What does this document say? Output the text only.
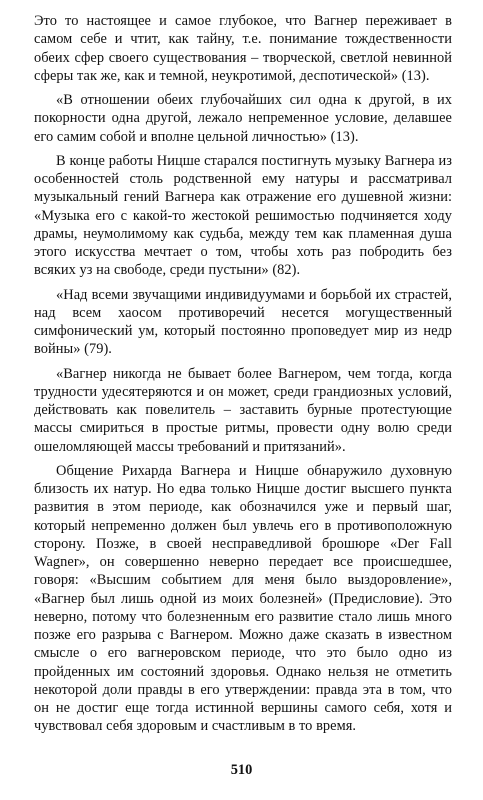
Это то настоящее и самое глубокое, что Вагнер переживает в самом себе и чтит, как тайну, т.е. понимание тождественности обеих сфер своего существования – творческой, светлой невинной сферы так же, как и темной, неукротимой, деспотической» (13).

«В отношении обеих глубочайших сил одна к другой, в их покорности одна другой, лежало непременное условие, делавшее его самим собой и вполне цельной личностью» (13).

В конце работы Ницше старался постигнуть музыку Вагнера из особенностей столь родственной ему натуры и рассматривал музыкальный гений Вагнера как отражение его душевной жизни: «Музыка его с какой-то жестокой решимостью подчиняется ходу драмы, неумолимому как судьба, между тем как пламенная душа этого искусства мечтает о том, чтобы хоть раз побродить без всяких уз на свободе, среди пустыни» (82).

«Над всеми звучащими индивидуумами и борьбой их страстей, над всем хаосом противоречий несется могущественный симфонический ум, который постоянно проповедует мир из недр войны» (79).

«Вагнер никогда не бывает более Вагнером, чем тогда, когда трудности удесятеряются и он может, среди грандиозных условий, действовать как повелитель – заставить бурные протестующие массы смириться в простые ритмы, провести одну волю среди ошеломляющей массы требований и притязаний».

Общение Рихарда Вагнера и Ницше обнаружило духовную близость их натур. Но едва только Ницше достиг высшего пункта развития в этом периоде, как обозначился уже и первый шаг, который непременно должен был увлечь его в противоположную сторону. Позже, в своей несправедливой брошюре «Der Fall Wagner», он совершенно неверно передает все происшедшее, говоря: «Высшим событием для меня было выздоровление», «Вагнер был лишь одной из моих болезней» (Предисловие). Это неверно, потому что болезненным его развитие стало лишь много позже его разрыва с Вагнером. Можно даже сказать в известном смысле о его вагнеровском периоде, что это было одно из пройденных им состояний здоровья. Однако нельзя не отметить некоторой доли правды в его утверждении: правда эта в том, что он не достиг еще тогда истинной вершины самого себя, хотя и чувствовал себя здоровым и счастливым в то время.

510
